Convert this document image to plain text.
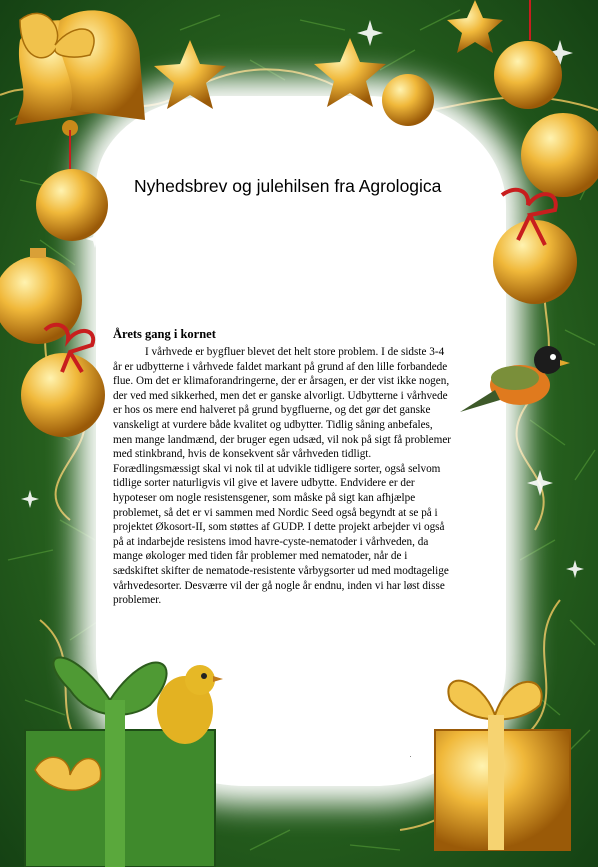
Nyhedsbrev og julehilsen fra Agrologica
Årets gang i kornet

I vårhvede er bygfluer blevet det helt store problem. I de sidste 3-4 år er udbytterne i vårhvede faldet markant på grund af den lille forbandede flue. Om det er klimaforandringerne, der er årsagen, er der vist ikke nogen, der ved med sikkerhed, men det er ganske alvorligt. Udbytterne i vårhvede er hos os mere end halveret på grund bygfluerne, og det gør det ganske vanskeligt at vurdere både kvalitet og udbytter. Tidlig såning anbefales, men mange landmænd, der bruger egen udsæd, vil nok på sigt få problemer med stinkbrand, hvis de konsekvent sår vårhveden tidligt. Forædlingsmæssigt skal vi nok til at udvikle tidligere sorter, også selvom tidlige sorter naturligvis vil give et lavere udbytte. Endvidere er der hypoteser om nogle resistensgener, som måske på sigt kan afhjælpe problemet, så det er vi sammen med Nordic Seed også begyndt at se på i projektet Økosort-II, som støttes af GUDP. I dette projekt arbejder vi også på at indarbejde resistens imod havre-cyste-nematoder i vårhveden, da mange økologer med tiden får problemer med nematoder, når de i sædskiftet skifter de nematode-resistente vårbygsorter ud med modtagelige vårhvedesorter. Desværre vil der gå nogle år endnu, inden vi har løst disse problemer.
